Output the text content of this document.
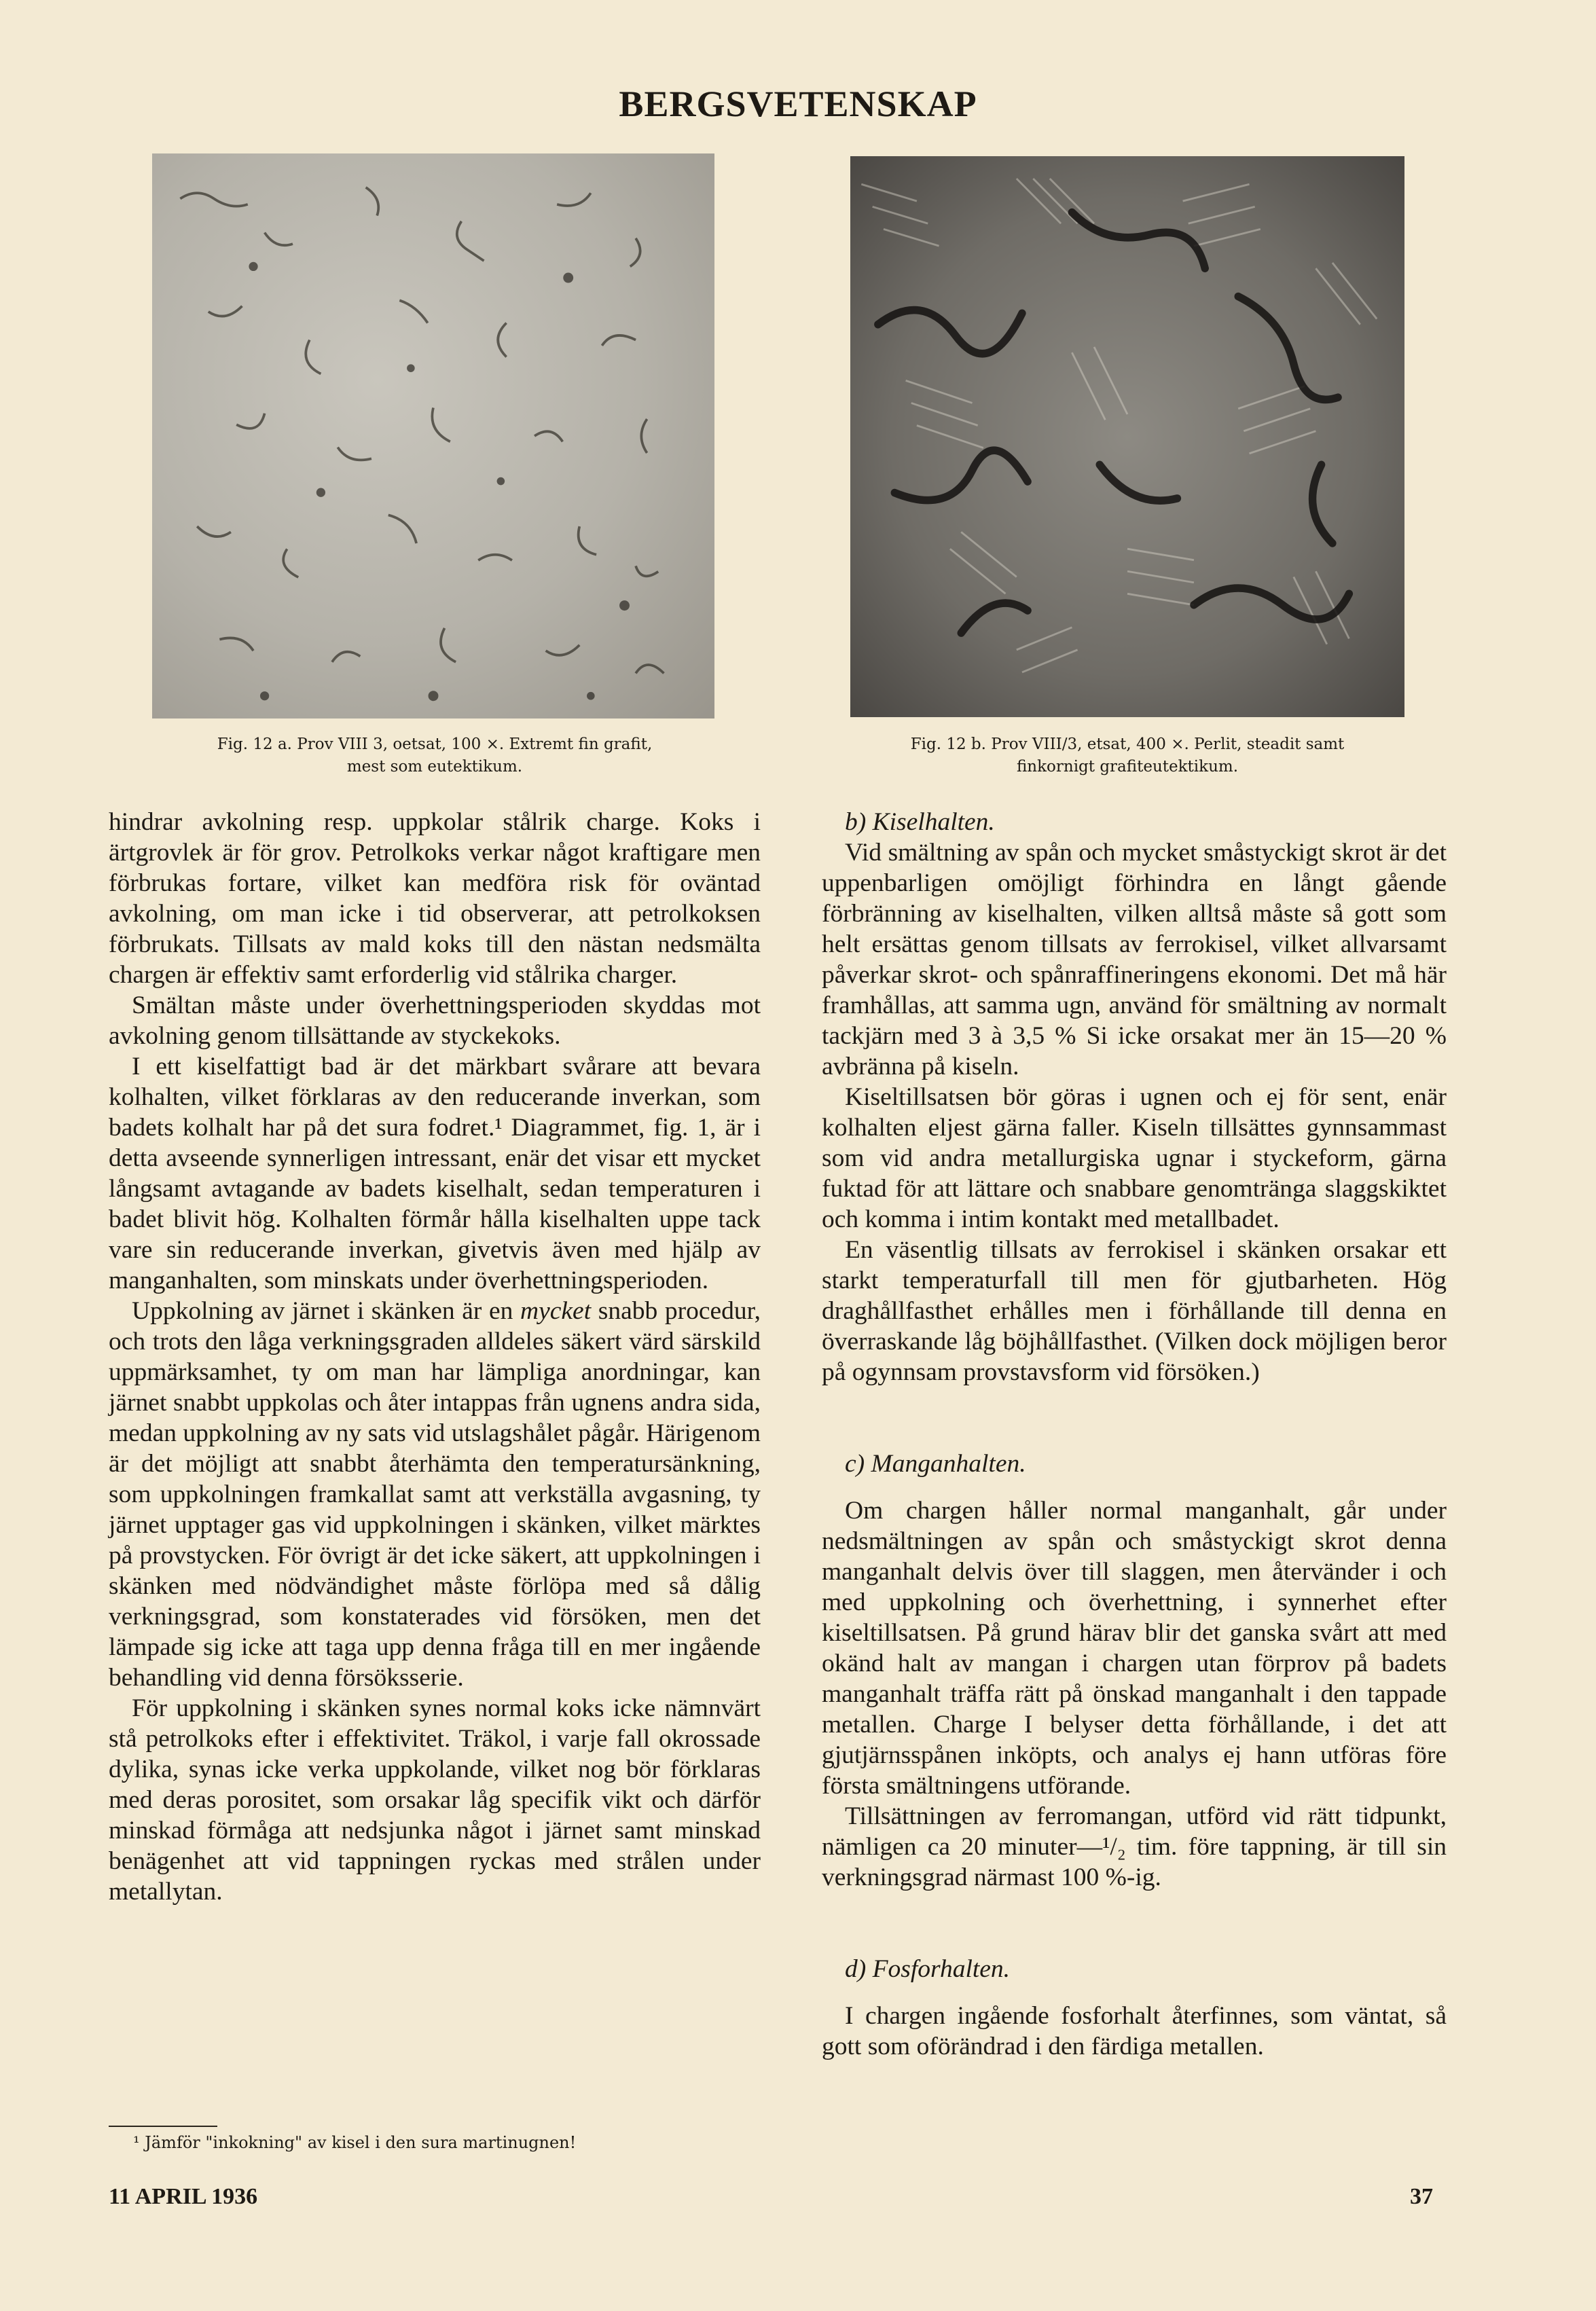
BERGSVETENSKAP
Fig. 12 a. Prov VIII 3, oetsat, 100 ×. Extremt fin grafit,
mest som eutektikum.
Fig. 12 b. Prov VIII/3, etsat, 400 ×. Perlit, steadit samt
finkornigt grafiteutektikum.

hindrar avkolning resp. uppkolar stålrik charge. Koks i ärtgrovlek är för grov. Petrolkoks verkar något kraftigare men förbrukas fortare, vilket kan medföra risk för oväntad avkolning, om man icke i tid observerar, att petrolkoksen förbrukats. Tillsats av mald koks till den nästan nedsmälta chargen är effektiv samt erforderlig vid stålrika charger.

Smältan måste under överhettningsperioden skyddas mot avkolning genom tillsättande av styckekoks.

I ett kiselfattigt bad är det märkbart svårare att bevara kolhalten, vilket förklaras av den reducerande inverkan, som badets kolhalt har på det sura fodret.¹ Diagrammet, fig. 1, är i detta avseende synnerligen intressant, enär det visar ett mycket långsamt avtagande av badets kiselhalt, sedan temperaturen i badet blivit hög. Kolhalten förmår hålla kiselhalten uppe tack vare sin reducerande inverkan, givetvis även med hjälp av manganhalten, som minskats under överhettningsperioden.

Uppkolning av järnet i skänken är en mycket snabb procedur, och trots den låga verkningsgraden alldeles säkert värd särskild uppmärksamhet, ty om man har lämpliga anordningar, kan järnet snabbt uppkolas och åter intappas från ugnens andra sida, medan uppkolning av ny sats vid utslagshålet pågår. Härigenom är det möjligt att snabbt återhämta den temperatursänkning, som uppkolningen framkallat samt att verkställa avgasning, ty järnet upptager gas vid uppkolningen i skänken, vilket märktes på provstycken. För övrigt är det icke säkert, att uppkolningen i skänken med nödvändighet måste förlöpa med så dålig verkningsgrad, som konstaterades vid försöken, men det lämpade sig icke att taga upp denna fråga till en mer ingående behandling vid denna försöksserie.

För uppkolning i skänken synes normal koks icke nämnvärt stå petrolkoks efter i effektivitet. Träkol, i varje fall okrossade dylika, synas icke verka uppkolande, vilket nog bör förklaras med deras porositet, som orsakar låg specifik vikt och därför minskad förmåga att nedsjunka något i järnet samt minskad benägenhet att vid tappningen ryckas med strålen under metallytan.

¹ Jämför "inkokning" av kisel i den sura martinugnen!

b) Kiselhalten.

Vid smältning av spån och mycket småstyckigt skrot är det uppenbarligen omöjligt förhindra en långt gående förbränning av kiselhalten, vilken alltså måste så gott som helt ersättas genom tillsats av ferrokisel, vilket allvarsamt påverkar skrot- och spånraffineringens ekonomi. Det må här framhållas, att samma ugn, använd för smältning av normalt tackjärn med 3 à 3,5 % Si icke orsakat mer än 15—20 % avbränna på kiseln.

Kiseltillsatsen bör göras i ugnen och ej för sent, enär kolhalten eljest gärna faller. Kiseln tillsättes gynnsammast som vid andra metallurgiska ugnar i styckeform, gärna fuktad för att lättare och snabbare genomtränga slaggskiktet och komma i intim kontakt med metallbadet.

En väsentlig tillsats av ferrokisel i skänken orsakar ett starkt temperaturfall till men för gjutbarheten. Hög draghållfasthet erhålles men i förhållande till denna en överraskande låg böjhållfasthet. (Vilken dock möjligen beror på ogynnsam provstavsform vid försöken.)

c) Manganhalten.

Om chargen håller normal manganhalt, går under nedsmältningen av spån och småstyckigt skrot denna manganhalt delvis över till slaggen, men återvänder i och med uppkolning och överhettning, i synnerhet efter kiseltillsatsen. På grund härav blir det ganska svårt att med okänd halt av mangan i chargen utan förprov på badets manganhalt träffa rätt på önskad manganhalt i den tappade metallen. Charge I belyser detta förhållande, i det att gjutjärnsspånen inköpts, och analys ej hann utföras före första smältningens utförande.

Tillsättningen av ferromangan, utförd vid rätt tidpunkt, nämligen ca 20 minuter—¹/₂ tim. före tappning, är till sin verkningsgrad närmast 100 %-ig.

d) Fosforhalten.

I chargen ingående fosforhalt återfinnes, som väntat, så gott som oförändrad i den färdiga metallen.

11 APRIL 1936	37
